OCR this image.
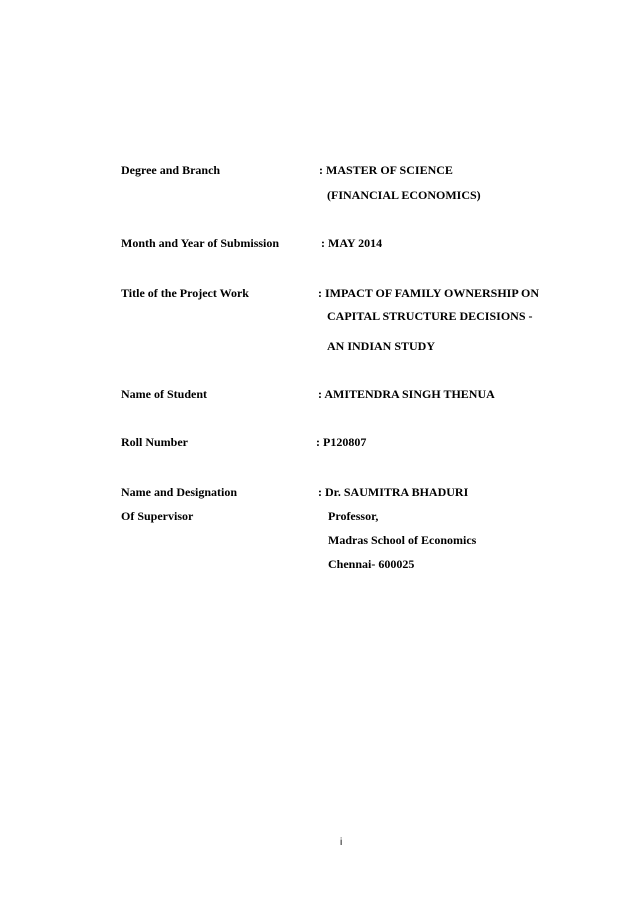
Degree and Branch	: MASTER OF SCIENCE
(FINANCIAL ECONOMICS)
Month and Year of Submission	: MAY 2014
Title of the Project Work	: IMPACT OF FAMILY OWNERSHIP ON
CAPITAL STRUCTURE DECISIONS -
AN INDIAN STUDY
Name of Student	: AMITENDRA SINGH THENUA
Roll Number	: P120807
Name and Designation
Of Supervisor
: Dr. SAUMITRA BHADURI
Professor,
Madras School of Economics
Chennai- 600025
i
